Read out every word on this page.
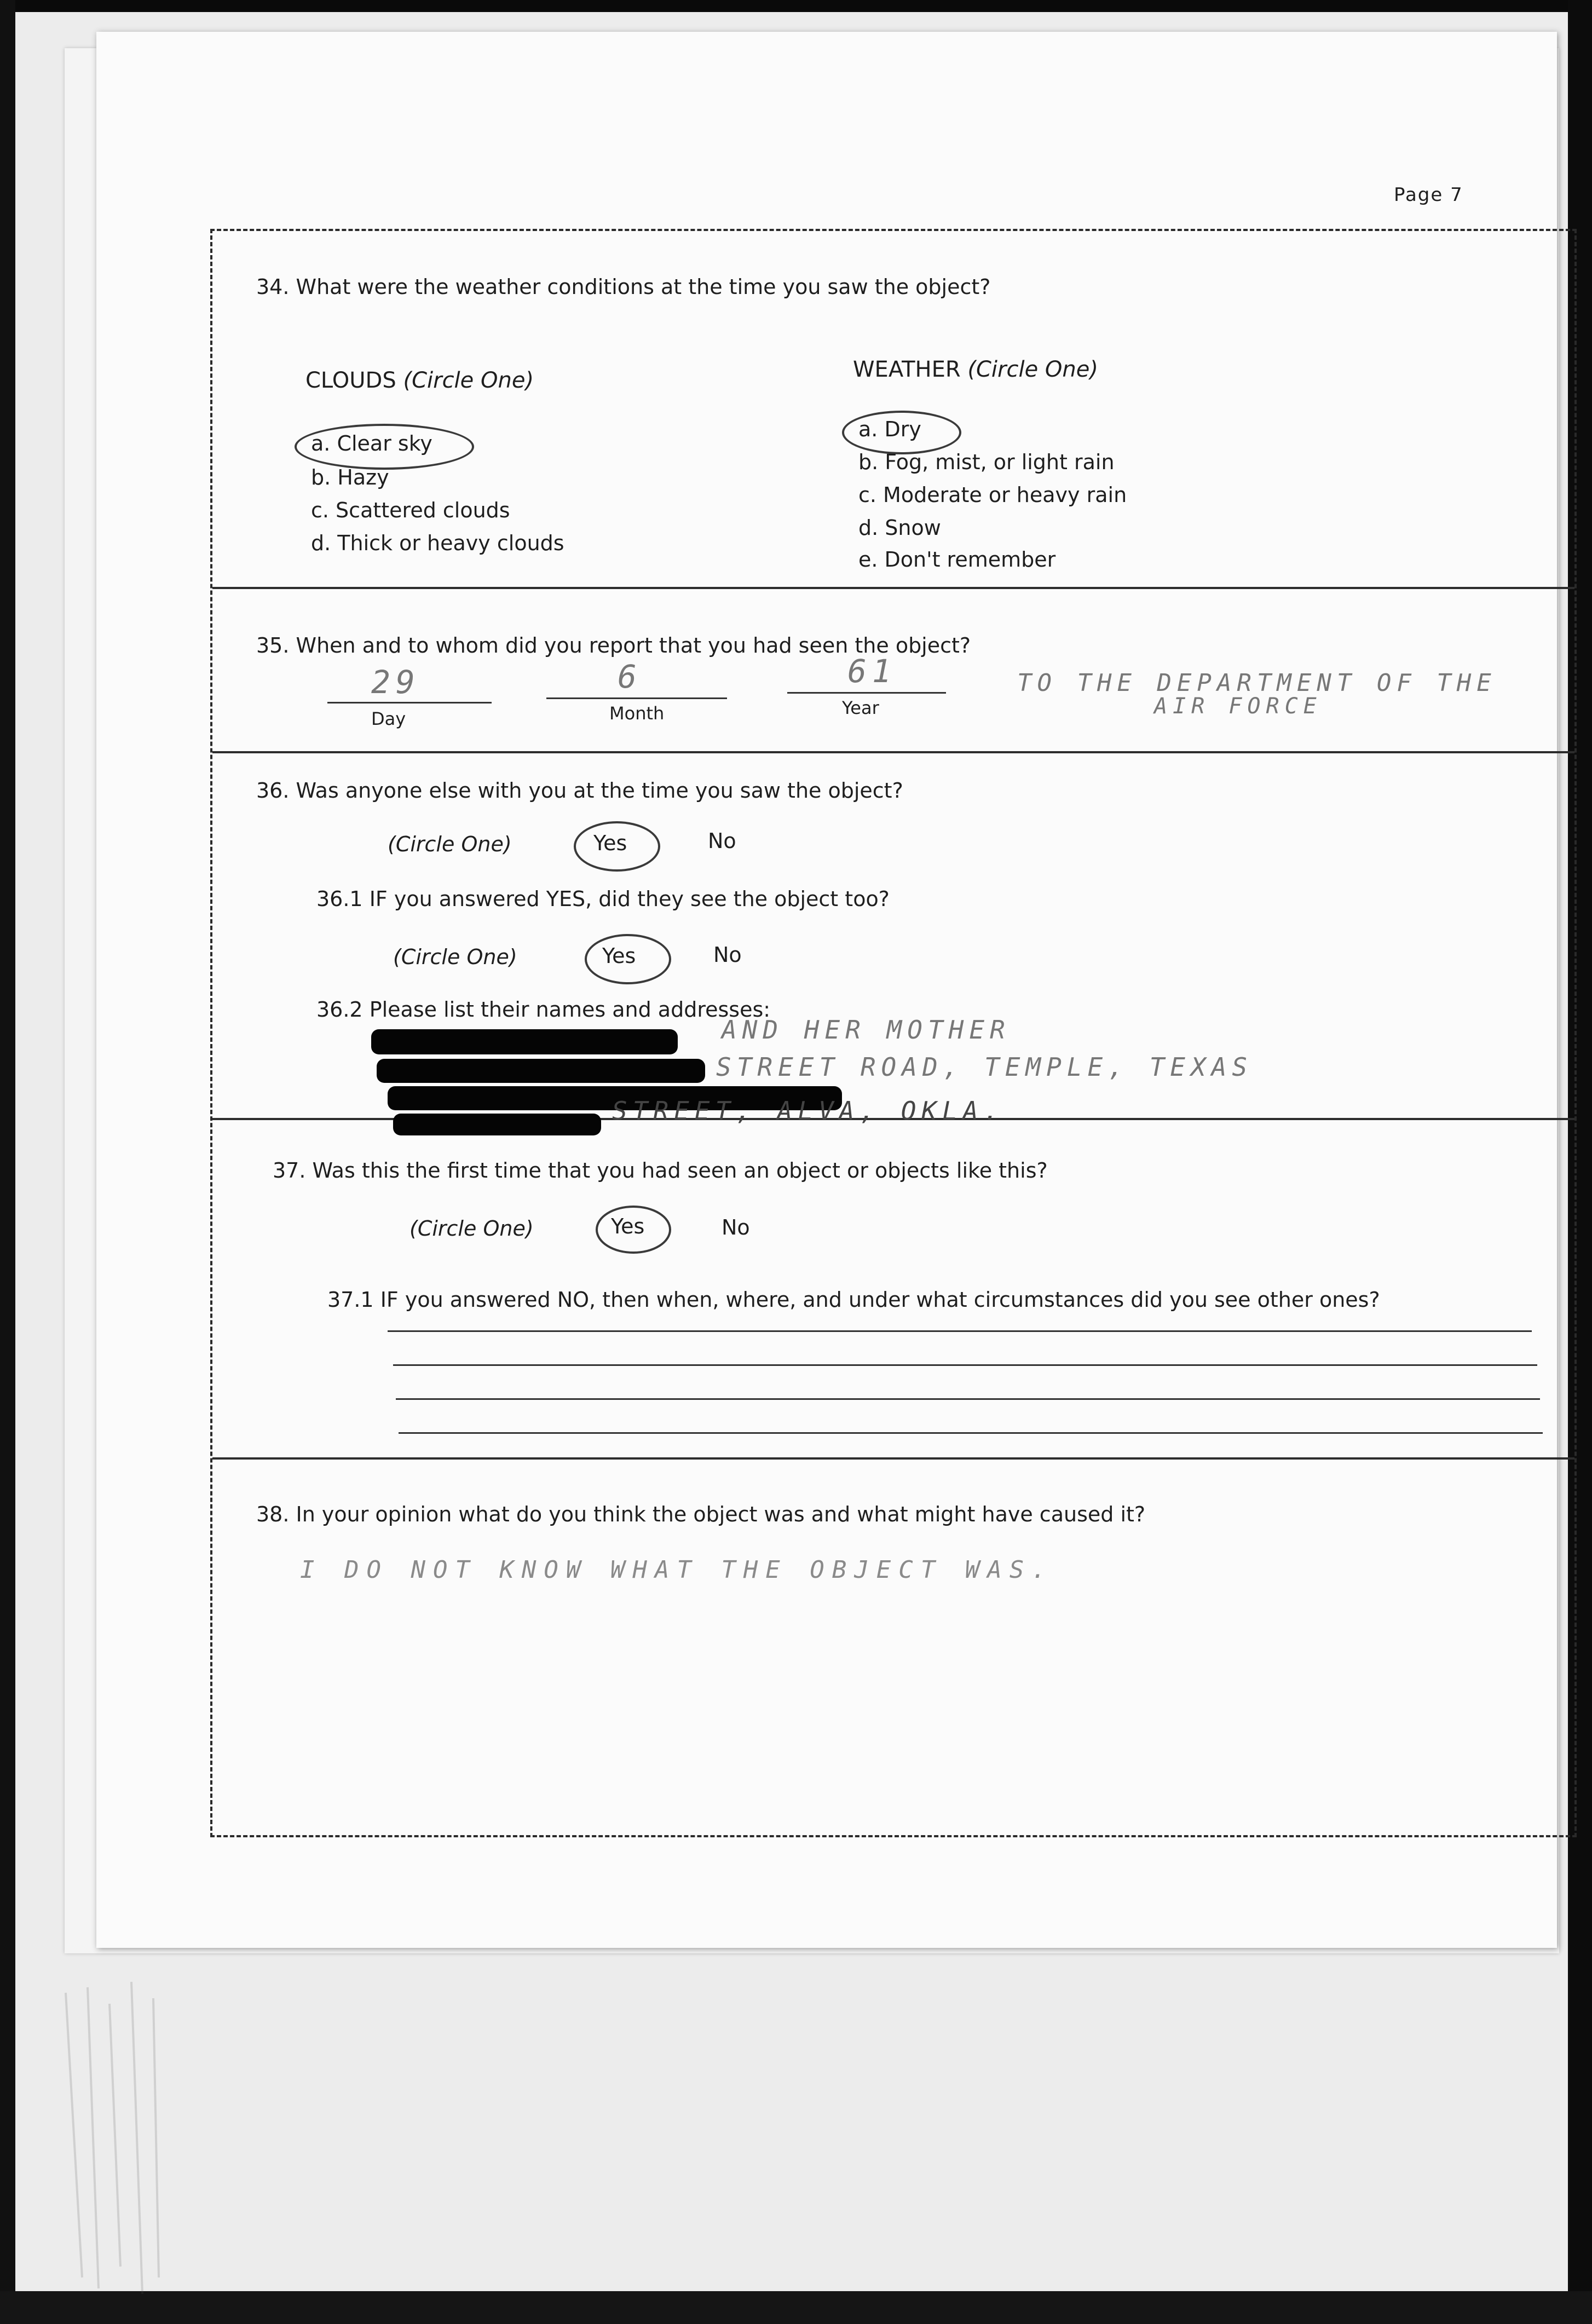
Page 7
34. What were the weather conditions at the time you saw the object?
CLOUDS (Circle One)	WEATHER (Circle One)
a. Clear sky
b. Hazy
c. Scattered clouds
d. Thick or heavy clouds
a. Dry
b. Fog, mist, or light rain
c. Moderate or heavy rain
d. Snow
e. Don't remember
35. When and to whom did you report that you had seen the object?
29	6	61
Day	Month	Year
TO THE DEPARTMENT OF THE
AIR FORCE
36. Was anyone else with you at the time you saw the object?
(Circle One)	Yes	No
36.1 IF you answered YES, did they see the object too?
(Circle One)	Yes	No
36.2 Please list their names and addresses:
AND HER MOTHER
STREET ROAD, TEMPLE, TEXAS
STREET, ALVA, OKLA.
37. Was this the first time that you had seen an object or objects like this?
(Circle One)	Yes	No
37.1 IF you answered NO, then when, where, and under what circumstances did you see other ones?
38. In your opinion what do you think the object was and what might have caused it?
I DO NOT KNOW WHAT THE OBJECT WAS.
